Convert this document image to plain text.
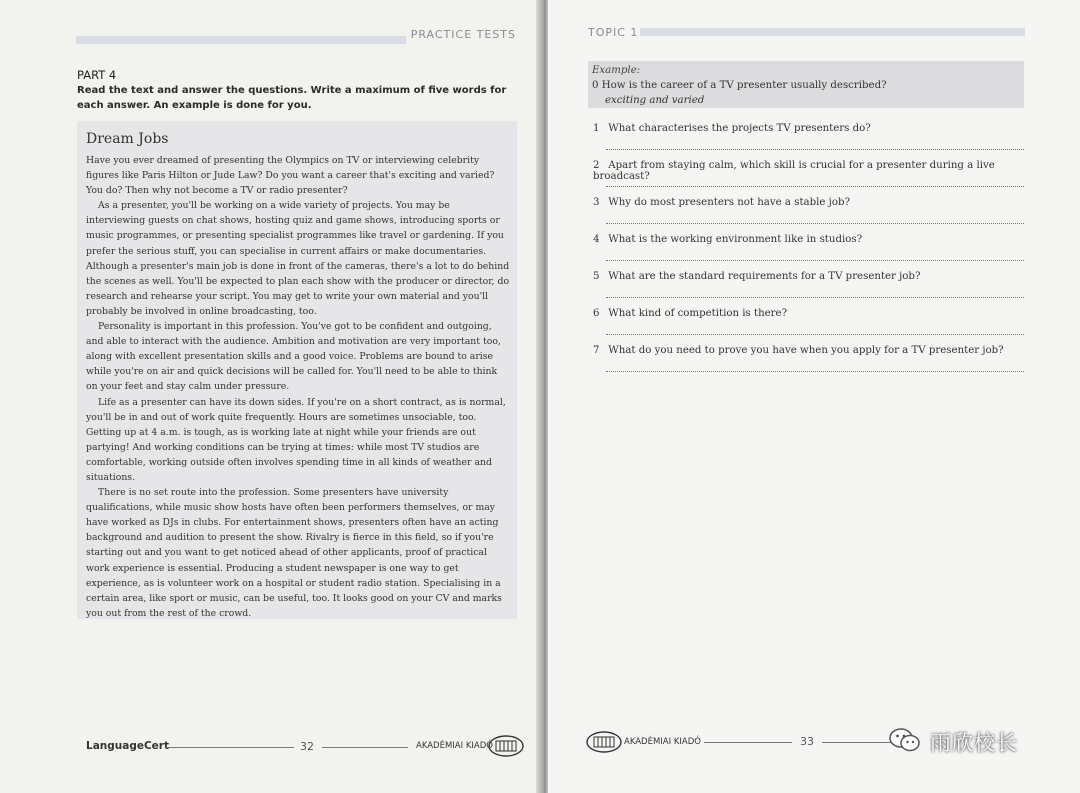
PRACTICE TESTS
PART 4
Read the text and answer the questions. Write a maximum of five words for each answer. An example is done for you.
Dream Jobs

Have you ever dreamed of presenting the Olympics on TV or interviewing celebrity figures like Paris Hilton or Jude Law? Do you want a career that's exciting and varied? You do? Then why not become a TV or radio presenter?

As a presenter, you'll be working on a wide variety of projects. You may be interviewing guests on chat shows, hosting quiz and game shows, introducing sports or music programmes, or presenting specialist programmes like travel or gardening. If you prefer the serious stuff, you can specialise in current affairs or make documentaries. Although a presenter's main job is done in front of the cameras, there's a lot to do behind the scenes as well. You'll be expected to plan each show with the producer or director, do research and rehearse your script. You may get to write your own material and you'll probably be involved in online broadcasting, too.

Personality is important in this profession. You've got to be confident and outgoing, and able to interact with the audience. Ambition and motivation are very important too, along with excellent presentation skills and a good voice. Problems are bound to arise while you're on air and quick decisions will be called for. You'll need to be able to think on your feet and stay calm under pressure.

Life as a presenter can have its down sides. If you're on a short contract, as is normal, you'll be in and out of work quite frequently. Hours are sometimes unsociable, too. Getting up at 4 a.m. is tough, as is working late at night while your friends are out partying! And working conditions can be trying at times: while most TV studios are comfortable, working outside often involves spending time in all kinds of weather and situations.

There is no set route into the profession. Some presenters have university qualifications, while music show hosts have often been performers themselves, or may have worked as DJs in clubs. For entertainment shows, presenters often have an acting background and audition to present the show. Rivalry is fierce in this field, so if you're starting out and you want to get noticed ahead of other applicants, proof of practical work experience is essential. Producing a student newspaper is one way to get experience, as is volunteer work on a hospital or student radio station. Specialising in a certain area, like sport or music, can be useful, too. It looks good on your CV and marks you out from the rest of the crowd.

LanguageCert	32	AKADÉMIAI KIADÓ
TOPIC 1
Example:
0 How is the career of a TV presenter usually described?
exciting and varied
1 What characterises the projects TV presenters do?
2 Apart from staying calm, which skill is crucial for a presenter during a live broadcast?
3 Why do most presenters not have a stable job?
4 What is the working environment like in studios?
5 What are the standard requirements for a TV presenter job?
6 What kind of competition is there?
7 What do you need to prove you have when you apply for a TV presenter job?
AKADÉMIAI KIADÓ	33	雨欣校长
